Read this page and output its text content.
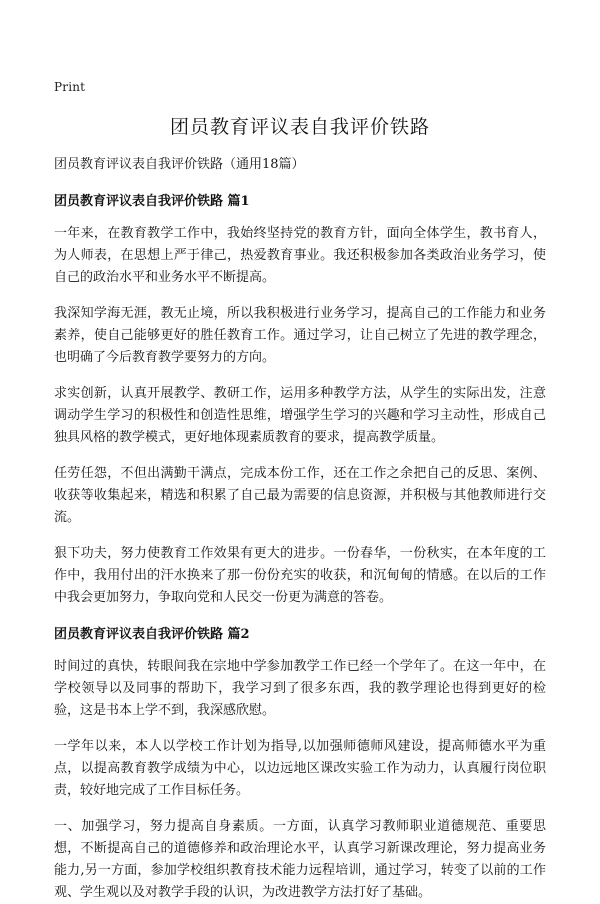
Print
团员教育评议表自我评价铁路
团员教育评议表自我评价铁路（通用18篇）
团员教育评议表自我评价铁路 篇1

一年来，在教育教学工作中，我始终坚持党的教育方针，面向全体学生，教书育人，为人师表，在思想上严于律己，热爱教育事业。我还积极参加各类政治业务学习，使自己的政治水平和业务水平不断提高。

我深知学海无涯，教无止境，所以我积极进行业务学习，提高自己的工作能力和业务素养，使自己能够更好的胜任教育工作。通过学习，让自己树立了先进的教学理念，也明确了今后教育教学要努力的方向。

求实创新，认真开展教学、教研工作，运用多种教学方法，从学生的实际出发，注意调动学生学习的积极性和创造性思维，增强学生学习的兴趣和学习主动性，形成自己独具风格的教学模式，更好地体现素质教育的要求，提高教学质量。

任劳任怨，不但出满勤干满点，完成本份工作，还在工作之余把自己的反思、案例、收获等收集起来，精选和积累了自己最为需要的信息资源，并积极与其他教师进行交流。

狠下功夫，努力使教育工作效果有更大的进步。一份春华，一份秋实，在本年度的工作中，我用付出的汗水换来了那一份份充实的收获，和沉甸甸的情感。在以后的工作中我会更加努力，争取向党和人民交一份更为满意的答卷。

团员教育评议表自我评价铁路 篇2

时间过的真快，转眼间我在宗地中学参加教学工作已经一个学年了。在这一年中，在学校领导以及同事的帮助下，我学习到了很多东西，我的教学理论也得到更好的检验，这是书本上学不到，我深感欣慰。

一学年以来，本人以学校工作计划为指导,以加强师德师风建设，提高师德水平为重点，以提高教育教学成绩为中心，以边远地区课改实验工作为动力，认真履行岗位职责，较好地完成了工作目标任务。

一、加强学习，努力提高自身素质。一方面，认真学习教师职业道德规范、重要思想，不断提高自己的道德修养和政治理论水平，认真学习新课改理论，努力提高业务能力,另一方面，参加学校组织教育技术能力远程培训，通过学习，转变了以前的工作观、学生观以及对教学手段的认识，为改进教学方法打好了基础。
